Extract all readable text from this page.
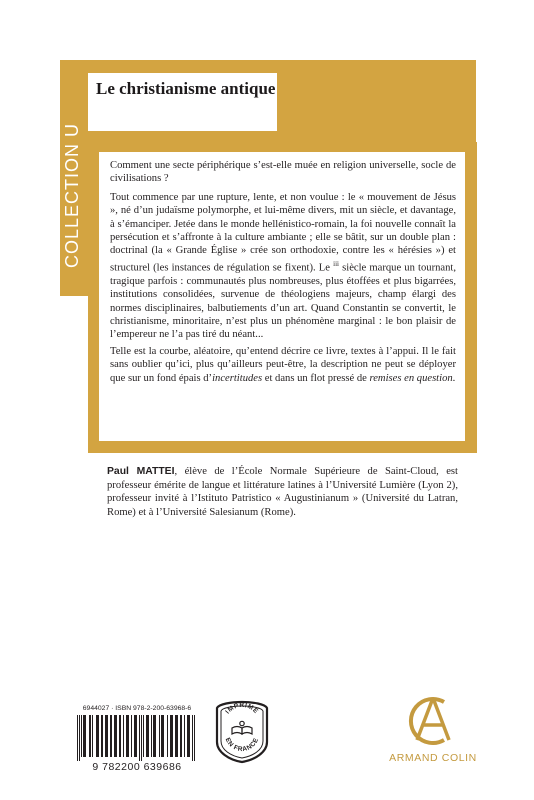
Le christianisme antique
COLLECTION U	Comment une secte périphérique s’est-elle muée en religion universelle, socle de civilisations ?

Tout commence par une rupture, lente, et non voulue : le « mouvement de Jésus », né d’un judaïsme polymorphe, et lui-même divers, mit un siècle, et davantage, à s’émanciper. Jetée dans le monde hellénistico-romain, la foi nouvelle connaît la persécution et s’affronte à la culture ambiante ; elle se bâtit, sur un double plan : doctrinal (la « Grande Église » crée son orthodoxie, contre les « hérésies ») et structurel (les instances de régulation se fixent). Le $^{iii}$ siècle marque un tournant, tragique parfois : communautés plus nombreuses, plus étoffées et plus bigarrées, institutions consolidées, survenue de théologiens majeurs, champ élargi des normes disciplinaires, balbutiements d’un art. Quand Constantin se convertit, le christianisme, minoritaire, n’est plus un phénomène marginal : le bon plaisir de l’empereur ne l’a pas tiré du néant...

Telle est la courbe, aléatoire, qu’entend décrire ce livre, textes à l’appui. Il le fait sans oublier qu’ici, plus qu’ailleurs peut-être, la description ne peut se déployer que sur un fond épais d’incertitudes et dans un flot pressé de remises en question.

Paul MATTEI, élève de l’École Normale Supérieure de Saint-Cloud, est professeur émérite de langue et littérature latines à l’Université Lumière (Lyon 2), professeur invité à l’Istituto Patristico « Augustinianum » (Université du Latran, Rome) et à l’Université Salesianum (Rome).

6944027 · ISBN 978-2-200-63968-6
9 782200 639686
IMPRIMÉ
EN FRANCE
ARMAND COLIN
